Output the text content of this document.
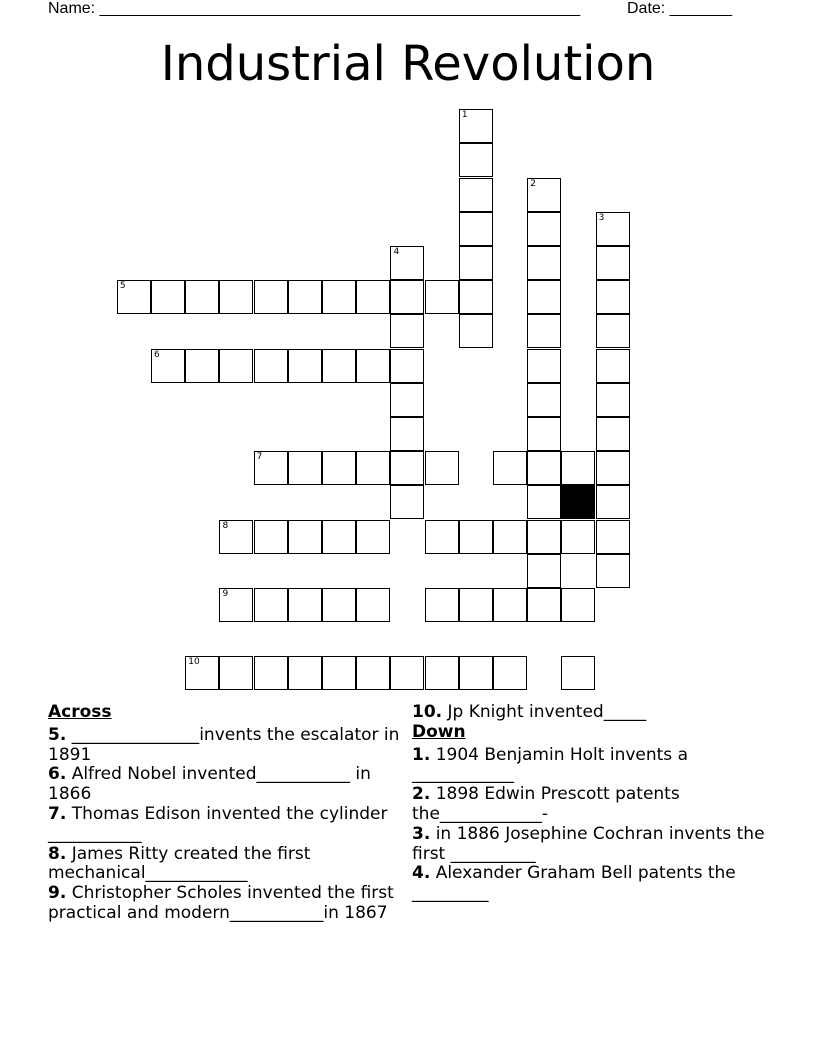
Name: ______________________________________________________	Date: _______
Industrial Revolution
1
2
3
4
5
6
7
8
9
10
Across
5. _______________invents the escalator in 1891
6. Alfred Nobel invented___________ in 1866
7. Thomas Edison invented the cylinder ___________
8. James Ritty created the first mechanical____________
9. Christopher Scholes invented the first practical and modern___________in 1867
10. Jp Knight invented_____
Down
1. 1904 Benjamin Holt invents a ____________
2. 1898 Edwin Prescott patents the____________-
3. in 1886 Josephine Cochran invents the first __________
4. Alexander Graham Bell patents the _________
